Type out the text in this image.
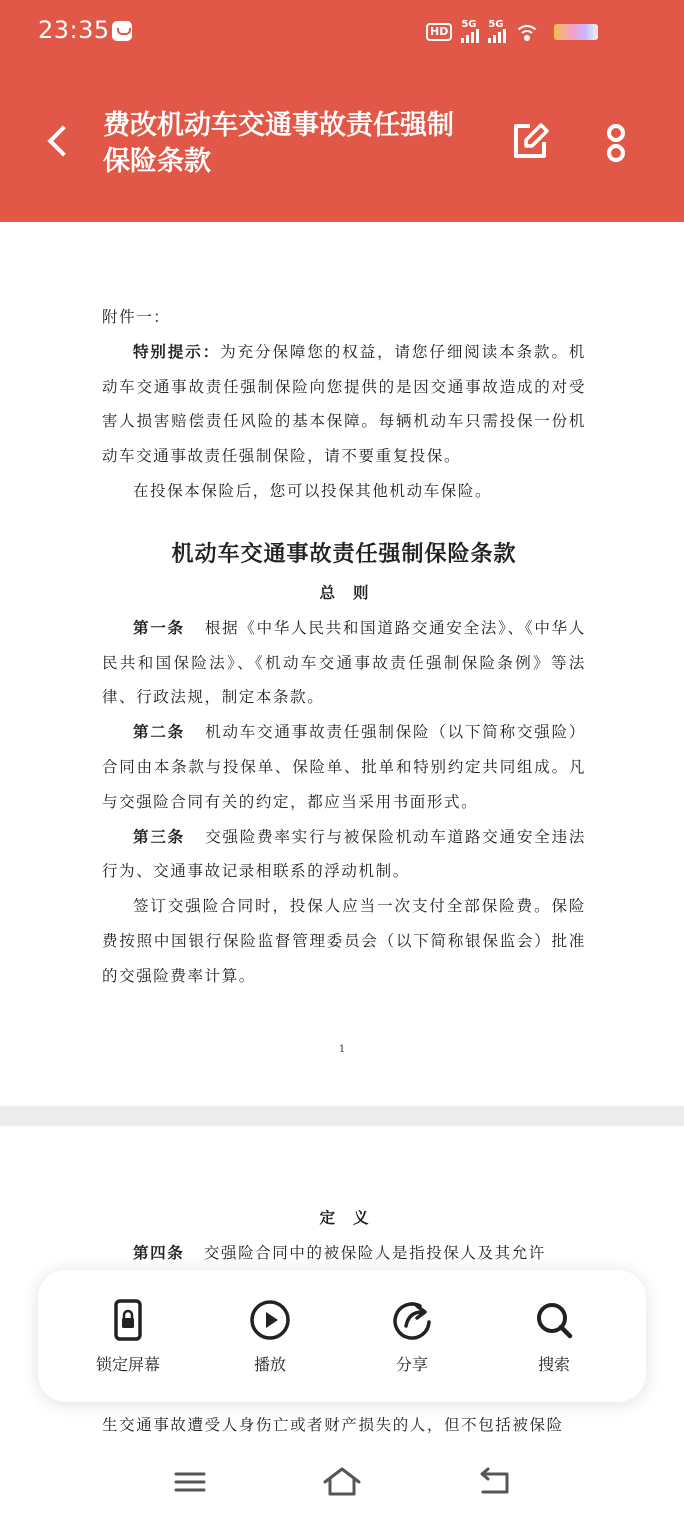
23:35	HD
5G 5G
费改机动车交通事故责任强制保险条款

附件一：

特别提示：为充分保障您的权益，请您仔细阅读本条款。机动车交通事故责任强制保险向您提供的是因交通事故造成的对受害人损害赔偿责任风险的基本保障。每辆机动车只需投保一份机动车交通事故责任强制保险，请不要重复投保。

在投保本保险后，您可以投保其他机动车保险。

机动车交通事故责任强制保险条款

总则

第一条 根据《中华人民共和国道路交通安全法》、《中华人民共和国保险法》、《机动车交通事故责任强制保险条例》等法律、行政法规，制定本条款。

第二条 机动车交通事故责任强制保险（以下简称交强险）合同由本条款与投保单、保险单、批单和特别约定共同组成。凡与交强险合同有关的约定，都应当采用书面形式。

第三条 交强险费率实行与被保险机动车道路交通安全违法行为、交通事故记录相联系的浮动机制。

签订交强险合同时，投保人应当一次支付全部保险费。保险费按照中国银行保险监督管理委员会（以下简称银保监会）批准的交强险费率计算。

1

定义

第四条 交强险合同中的被保险人是指投保人及其允许

生交通事故遭受人身伤亡或者财产损失的人，但不包括被保险

锁定屏幕	播放	分享	搜索
